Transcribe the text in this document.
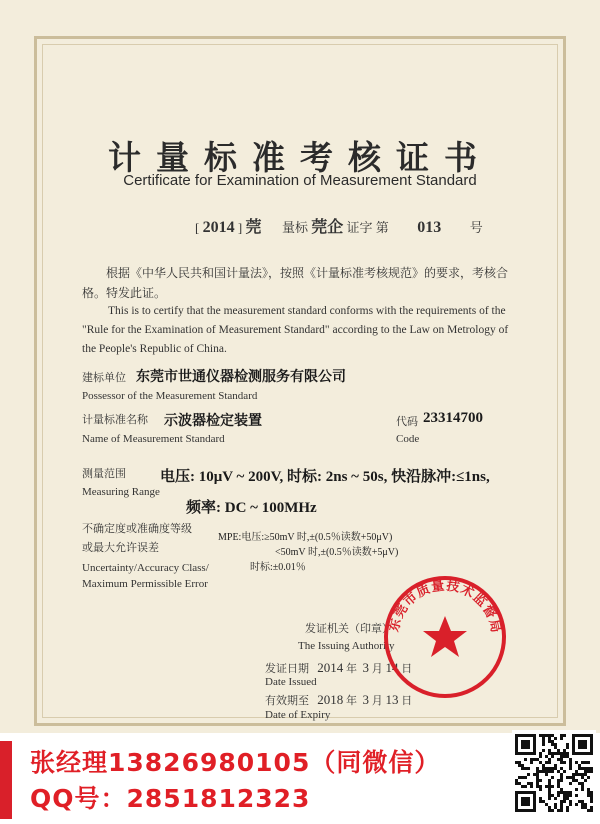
计量标准考核证书
Certificate for Examination of Measurement Standard
[ 2014 ] 莞 量标 莞企 证字 第 013 号
根据《中华人民共和国计量法》，按照《计量标准考核规范》的要求，考核合格。特发此证。
This is to certify that the measurement standard conforms with the requirements of the "Rule for the Examination of Measurement Standard" according to the Law on Metrology of the People's Republic of China.
建标单位 东莞市世通仪器检测服务有限公司
Possessor of the Measurement Standard
计量标准名称 示波器检定装置	代码 23314700
Name of Measurement Standard	Code
测量范围 电压: 10μV ~ 200V, 时标: 2ns ~ 50s, 快沿脉冲:≤1ns,
Measuring Range
频率: DC ~ 100MHz
不确定度或准确度等级
或最大允许误差
Uncertainty/Accuracy Class/
Maximum Permissible Error
MPE:电压:≥50mV 时,±(0.5％读数+50μV)
<50mV 时,±(0.5％读数+5μV)
时标:±0.01％
发证机关（印章）
The Issuing Authority
发证日期 2014 年 3 月 14 日
Date Issued
有效期至 2018 年 3 月 13 日
Date of Expiry
东莞市质量技术监督局
张经理13826980105（同微信）
QQ号：2851812323
